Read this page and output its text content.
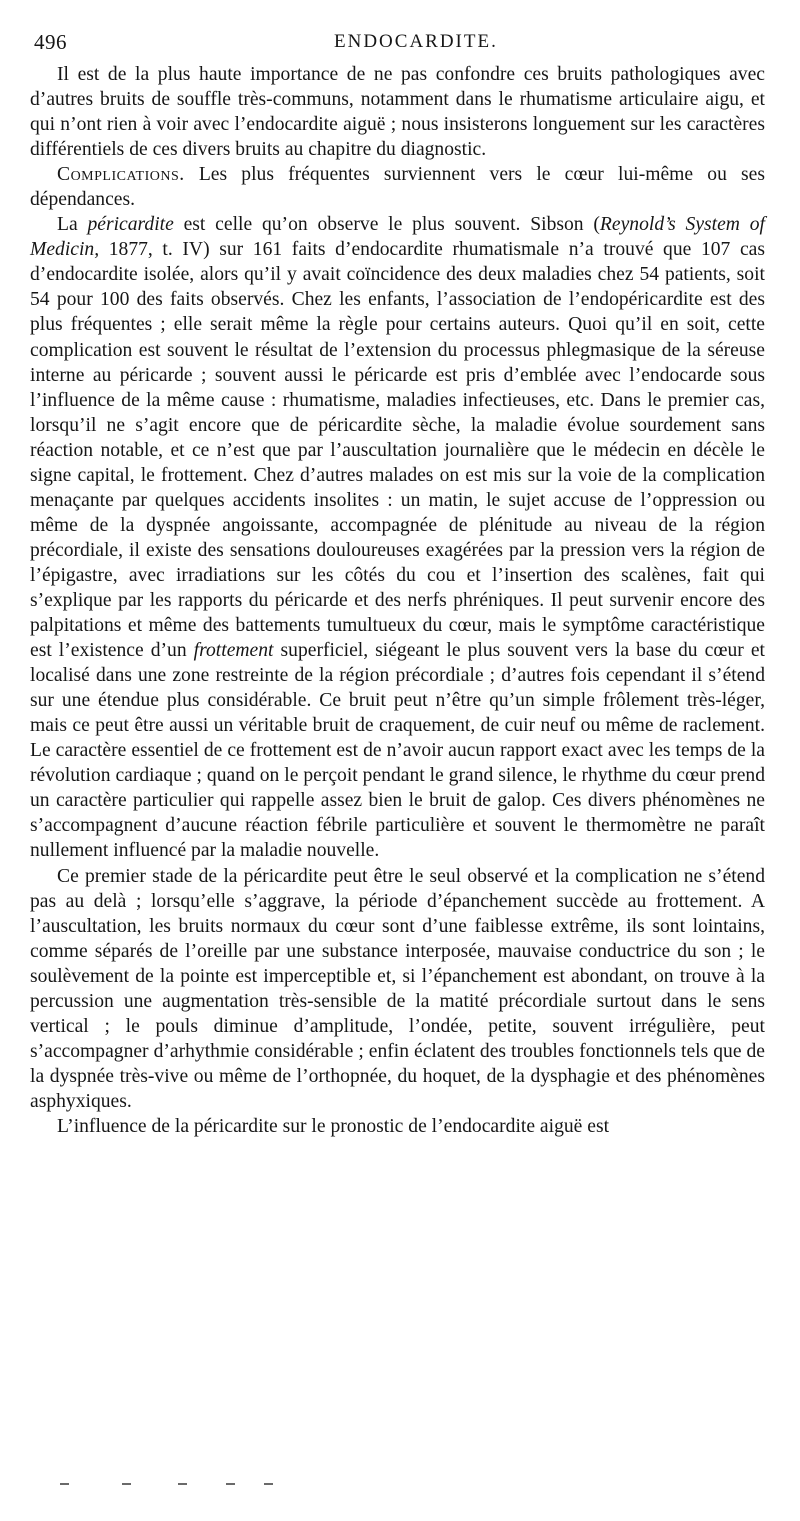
496	ENDOCARDITE.

Il est de la plus haute importance de ne pas confondre ces bruits pathologiques avec d’autres bruits de souffle très-communs, notamment dans le rhumatisme articulaire aigu, et qui n’ont rien à voir avec l’endocardite aiguë ; nous insisterons longuement sur les caractères différentiels de ces divers bruits au chapitre du diagnostic.

Complications. Les plus fréquentes surviennent vers le cœur lui-même ou ses dépendances.

La péricardite est celle qu’on observe le plus souvent. Sibson (Reynold’s System of Medicin, 1877, t. IV) sur 161 faits d’endocardite rhumatismale n’a trouvé que 107 cas d’endocardite isolée, alors qu’il y avait coïncidence des deux maladies chez 54 patients, soit 54 pour 100 des faits observés. Chez les enfants, l’association de l’endopéricardite est des plus fréquentes ; elle serait même la règle pour certains auteurs. Quoi qu’il en soit, cette complication est souvent le résultat de l’extension du processus phlegmasique de la séreuse interne au péricarde ; souvent aussi le péricarde est pris d’emblée avec l’endocarde sous l’influence de la même cause : rhumatisme, maladies infectieuses, etc. Dans le premier cas, lorsqu’il ne s’agit encore que de péricardite sèche, la maladie évolue sourdement sans réaction notable, et ce n’est que par l’auscultation journalière que le médecin en décèle le signe capital, le frottement. Chez d’autres malades on est mis sur la voie de la complication menaçante par quelques accidents insolites : un matin, le sujet accuse de l’oppression ou même de la dyspnée angoissante, accompagnée de plénitude au niveau de la région précordiale, il existe des sensations douloureuses exagérées par la pression vers la région de l’épigastre, avec irradiations sur les côtés du cou et l’insertion des scalènes, fait qui s’explique par les rapports du péricarde et des nerfs phréniques. Il peut survenir encore des palpitations et même des battements tumultueux du cœur, mais le symptôme caractéristique est l’existence d’un frottement superficiel, siégeant le plus souvent vers la base du cœur et localisé dans une zone restreinte de la région précordiale ; d’autres fois cependant il s’étend sur une étendue plus considérable. Ce bruit peut n’être qu’un simple frôlement très-léger, mais ce peut être aussi un véritable bruit de craquement, de cuir neuf ou même de raclement. Le caractère essentiel de ce frottement est de n’avoir aucun rapport exact avec les temps de la révolution cardiaque ; quand on le perçoit pendant le grand silence, le rhythme du cœur prend un caractère particulier qui rappelle assez bien le bruit de galop. Ces divers phénomènes ne s’accompagnent d’aucune réaction fébrile particulière et souvent le thermomètre ne paraît nullement influencé par la maladie nouvelle.

Ce premier stade de la péricardite peut être le seul observé et la complication ne s’étend pas au delà ; lorsqu’elle s’aggrave, la période d’épanchement succède au frottement. A l’auscultation, les bruits normaux du cœur sont d’une faiblesse extrême, ils sont lointains, comme séparés de l’oreille par une substance interposée, mauvaise conductrice du son ; le soulèvement de la pointe est imperceptible et, si l’épanchement est abondant, on trouve à la percussion une augmentation très-sensible de la matité précordiale surtout dans le sens vertical ; le pouls diminue d’amplitude, l’ondée, petite, souvent irrégulière, peut s’accompagner d’arhythmie considérable ; enfin éclatent des troubles fonctionnels tels que de la dyspnée très-vive ou même de l’orthopnée, du hoquet, de la dysphagie et des phénomènes asphyxiques.

L’influence de la péricardite sur le pronostic de l’endocardite aiguë est
